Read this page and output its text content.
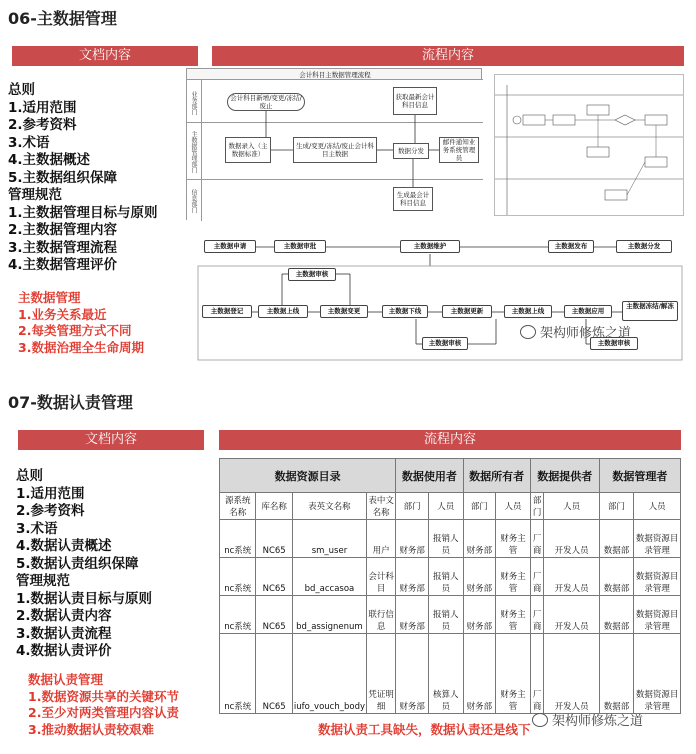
06-主数据管理
文档内容	流程内容
总则
1.适用范围
2.参考资料
3.术语
4.主数据概述
5.主数据组织保障
管理规范
1.主数据管理目标与原则
2.主数据管理内容
3.主数据管理流程
4.主数据管理评价
主数据管理
1.业务关系最近
2.每类管理方式不同
3.数据治理全生命周期
会计科目主数据管理流程
业务部门
主数据管理部门
信息部门
会计科目新增/变更/冻结/废止
获取最新会计科目信息
数据录入（主数据标准）
生成/变更/冻结/废止会计科目主数据	数据分发
邮件通知业务系统管理员
生成最会计科目信息
主数据申请	主数据审批	主数据维护	主数据发布	主数据分发
主数据登记	主数据上线	主数据变更	主数据下线	主数据更新	主数据上线	主数据应用
主数据冻结/解冻
主数据审核
主数据审核	主数据审核
架构师修炼之道
07-数据认责管理
文档内容	流程内容
总则
1.适用范围
2.参考资料
3.术语
4.数据认责概述
5.数据认责组织保障
管理规范
1.数据认责目标与原则
2.数据认责内容
3.数据认责流程
4.数据认责评价
数据认责管理
1.数据资源共享的关键环节
2.至少对两类管理内容认责
3.推动数据认责较艰难
数据资源目录				数据使用者		数据所有者		数据提供者		数据管理者	
源系统名称	库名称	表英文名称	表中文名称	部门	人员	部门	人员	部门	人员	部门	人员
nc系统	NC65	sm_user	用户	财务部	报销人员	财务部	财务主管	厂商	开发人员	数据部	数据资源目录管理
nc系统	NC65	bd_accasoa	会计科目	财务部	报销人员	财务部	财务主管	厂商	开发人员	数据部	数据资源目录管理
nc系统	NC65	bd_assignenum	联行信息	财务部	报销人员	财务部	财务主管	厂商	开发人员	数据部	数据资源目录管理
nc系统	NC65	iufo_vouch_body	凭证明细	财务部	核算人员	财务部	财务主管	厂商	开发人员	数据部	数据资源目录管理
数据认责工具缺失，数据认责还是线下
架构师修炼之道
